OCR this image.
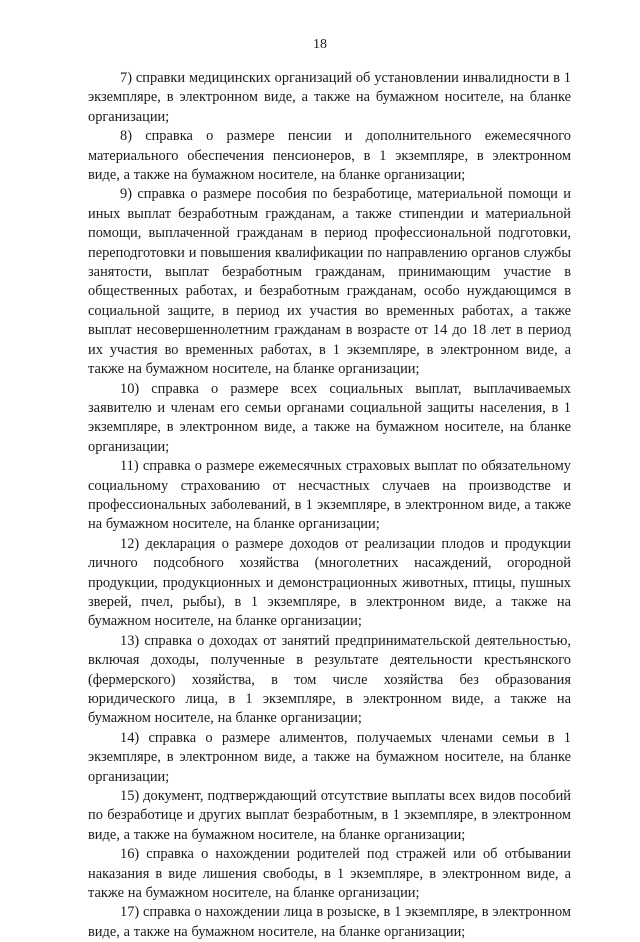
18

7) справки медицинских организаций об установлении инвалидности в 1 экземпляре, в электронном виде, а также на бумажном носителе, на бланке организации;

8) справка о размере пенсии и дополнительного ежемесячного материального обеспечения пенсионеров, в 1 экземпляре, в электронном виде, а также на бумажном носителе, на бланке организации;

9) справка о размере пособия по безработице, материальной помощи и иных выплат безработным гражданам, а также стипендии и материальной помощи, выплаченной гражданам в период профессиональной подготовки, переподготовки и повышения квалификации по направлению органов службы занятости, выплат безработным гражданам, принимающим участие в общественных работах, и безработным гражданам, особо нуждающимся в социальной защите, в период их участия во временных работах, а также выплат несовершеннолетним гражданам в возрасте от 14 до 18 лет в период их участия во временных работах, в 1 экземпляре, в электронном виде, а также на бумажном носителе, на бланке организации;

10) справка о размере всех социальных выплат, выплачиваемых заявителю и членам его семьи органами социальной защиты населения, в 1 экземпляре, в электронном виде, а также на бумажном носителе, на бланке организации;

11) справка о размере ежемесячных страховых выплат по обязательному социальному страхованию от несчастных случаев на производстве и профессиональных заболеваний, в 1 экземпляре, в электронном виде, а также на бумажном носителе, на бланке организации;

12) декларация о размере доходов от реализации плодов и продукции личного подсобного хозяйства (многолетних насаждений, огородной продукции, продукционных и демонстрационных животных, птицы, пушных зверей, пчел, рыбы), в 1 экземпляре, в электронном виде, а также на бумажном носителе, на бланке организации;

13) справка о доходах от занятий предпринимательской деятельностью, включая доходы, полученные в результате деятельности крестьянского (фермерского) хозяйства, в том числе хозяйства без образования юридического лица, в 1 экземпляре, в электронном виде, а также на бумажном носителе, на бланке организации;

14) справка о размере алиментов, получаемых членами семьи в 1 экземпляре, в электронном виде, а также на бумажном носителе, на бланке организации;

15) документ, подтверждающий отсутствие выплаты всех видов пособий по безработице и других выплат безработным, в 1 экземпляре, в электронном виде, а также на бумажном носителе, на бланке организации;

16) справка о нахождении родителей под стражей или об отбывании наказания в виде лишения свободы, в 1 экземпляре, в электронном виде, а также на бумажном носителе, на бланке организации;

17) справка о нахождении лица в розыске, в 1 экземпляре, в электронном виде, а также на бумажном носителе, на бланке организации;
